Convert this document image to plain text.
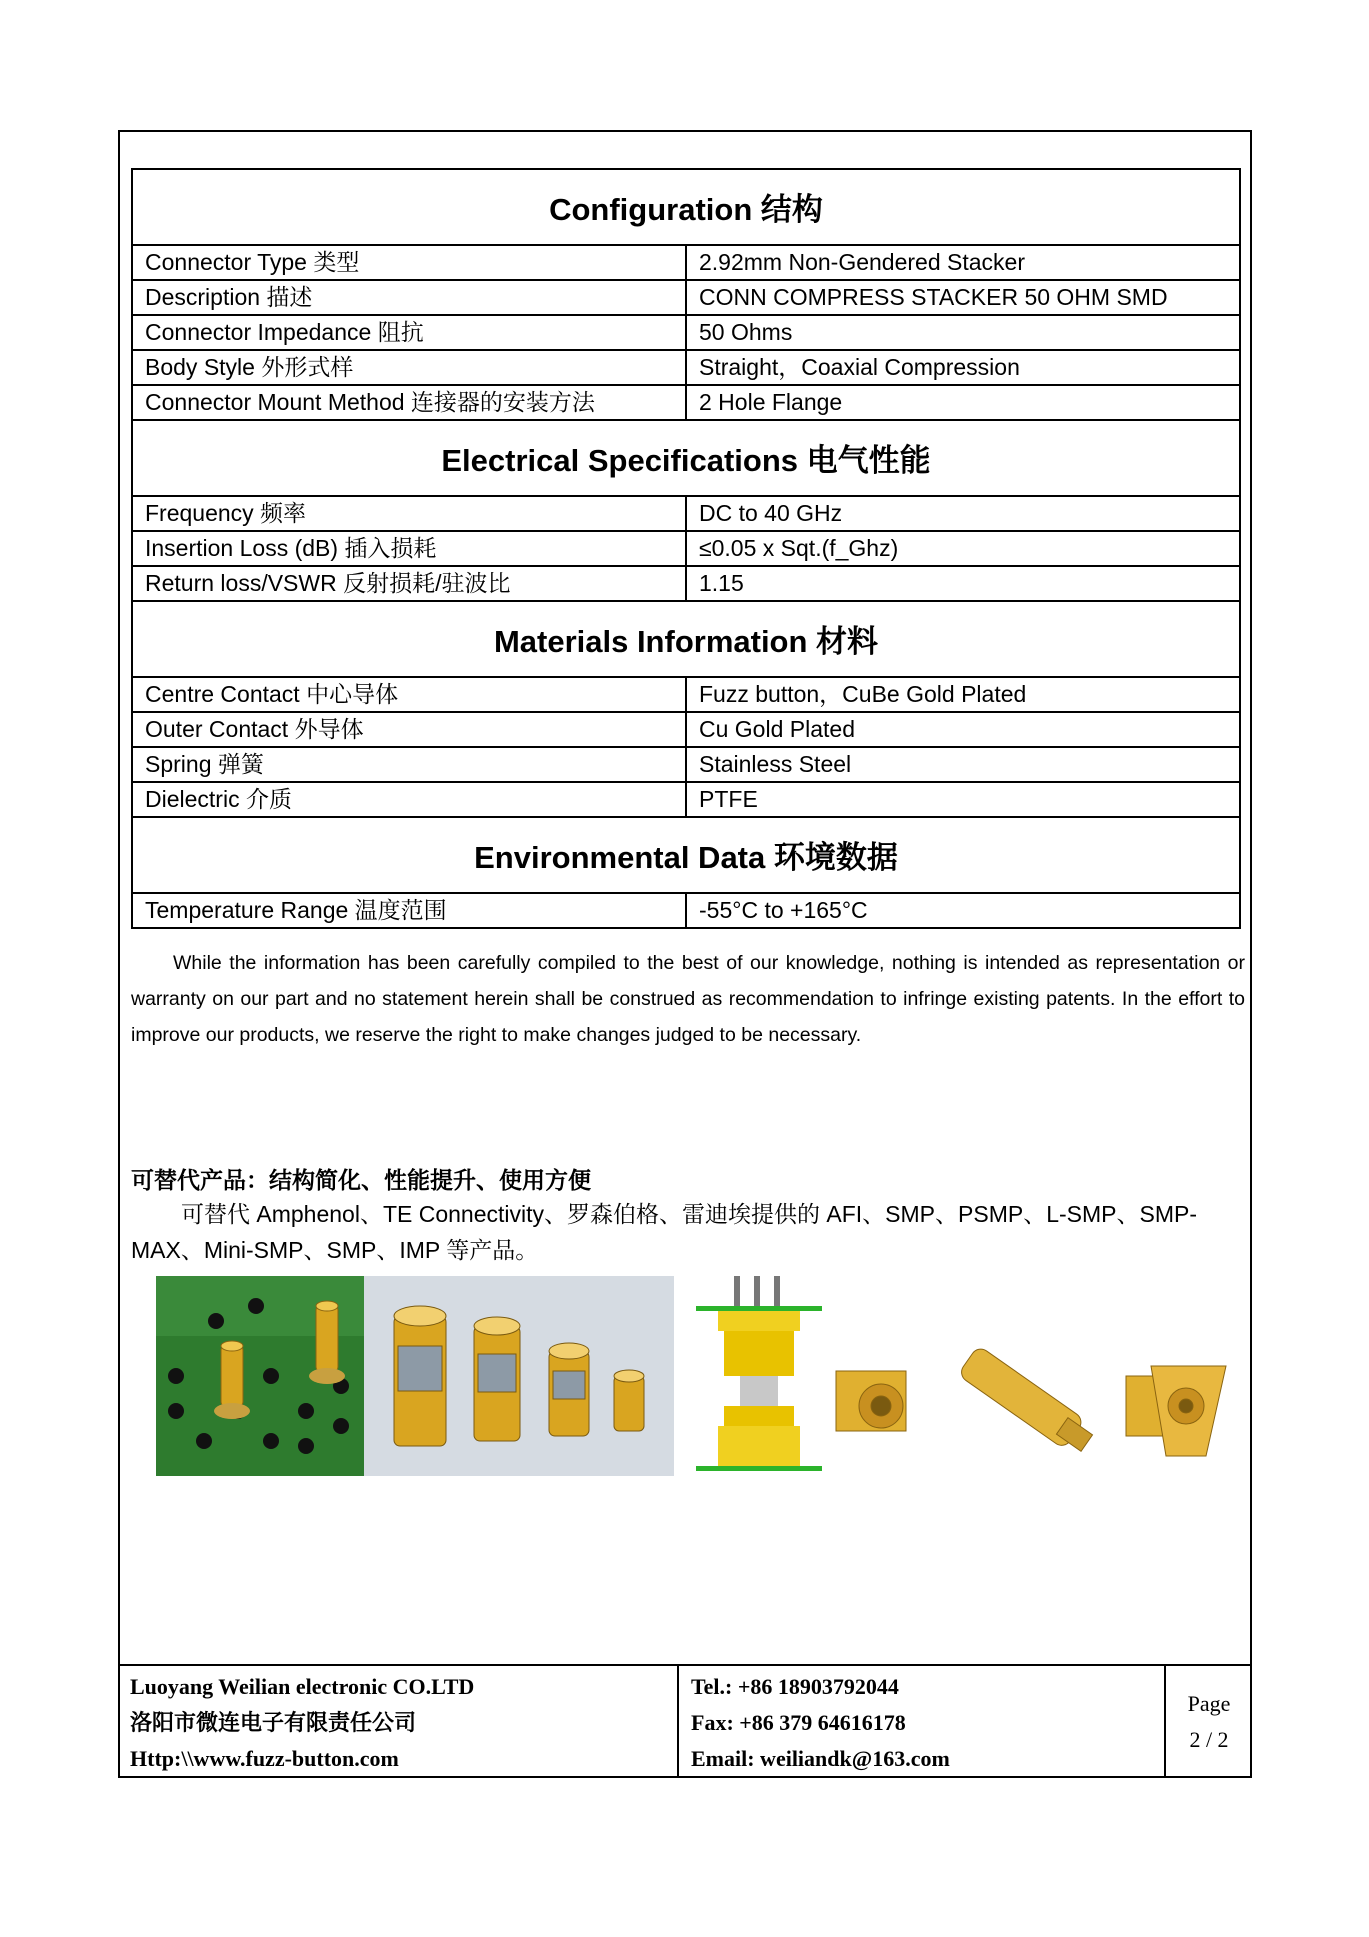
Configuration 结构	
Connector Type 类型	2.92mm Non-Gendered Stacker
Description 描述	CONN COMPRESS STACKER 50 OHM SMD
Connector Impedance 阻抗	50 Ohms
Body Style 外形式样	Straight，Coaxial Compression
Connector Mount Method 连接器的安装方法	2 Hole Flange
Electrical Specifications 电气性能	
Frequency 频率	DC to 40 GHz
Insertion Loss (dB) 插入损耗	≤0.05 x Sqt.(f_Ghz)
Return loss/VSWR 反射损耗/驻波比	1.15
Materials Information 材料	
Centre Contact 中心导体	Fuzz button，CuBe Gold Plated
Outer Contact 外导体	Cu Gold Plated
Spring 弹簧	Stainless Steel
Dielectric 介质	PTFE
Environmental Data 环境数据	
Temperature Range 温度范围	-55°C to +165°C
While the information has been carefully compiled to the best of our knowledge, nothing is intended as representation or warranty on our part and no statement herein shall be construed as recommendation to infringe existing patents. In the effort to improve our products, we reserve the right to make changes judged to be necessary.
可替代产品：结构简化、性能提升、使用方便
可替代 Amphenol、TE Connectivity、罗森伯格、雷迪埃提供的 AFI、SMP、PSMP、L-SMP、SMP-MAX、Mini-SMP、SMP、IMP 等产品。
Luoyang Weilian electronic CO.LTD
洛阳市微连电子有限责任公司
Http:\\www.fuzz-button.com
Tel.: +86 18903792044
Fax: +86 379 64616178
Email: weiliandk@163.com
Page
2 / 2
